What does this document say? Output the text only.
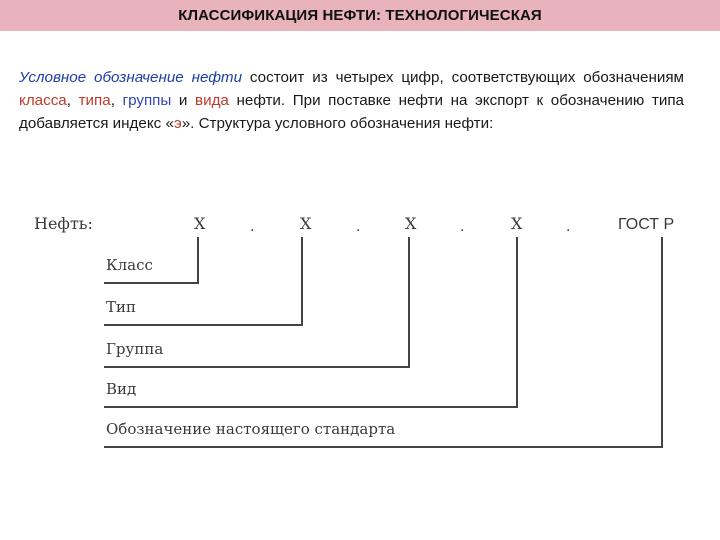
КЛАССИФИКАЦИЯ НЕФТИ: ТЕХНОЛОГИЧЕСКАЯ
Условное обозначение нефти состоит из четырех цифр, соответствующих обозначениям класса, типа, группы и вида нефти. При поставке нефти на экспорт к обозначению типа добавляется индекс «э». Структура условного обозначения нефти:
Нефть:	X	.	X	.	X	.	X	.	ГОСТ Р
Класс
Тип
Группа
Вид
Обозначение настоящего стандарта
